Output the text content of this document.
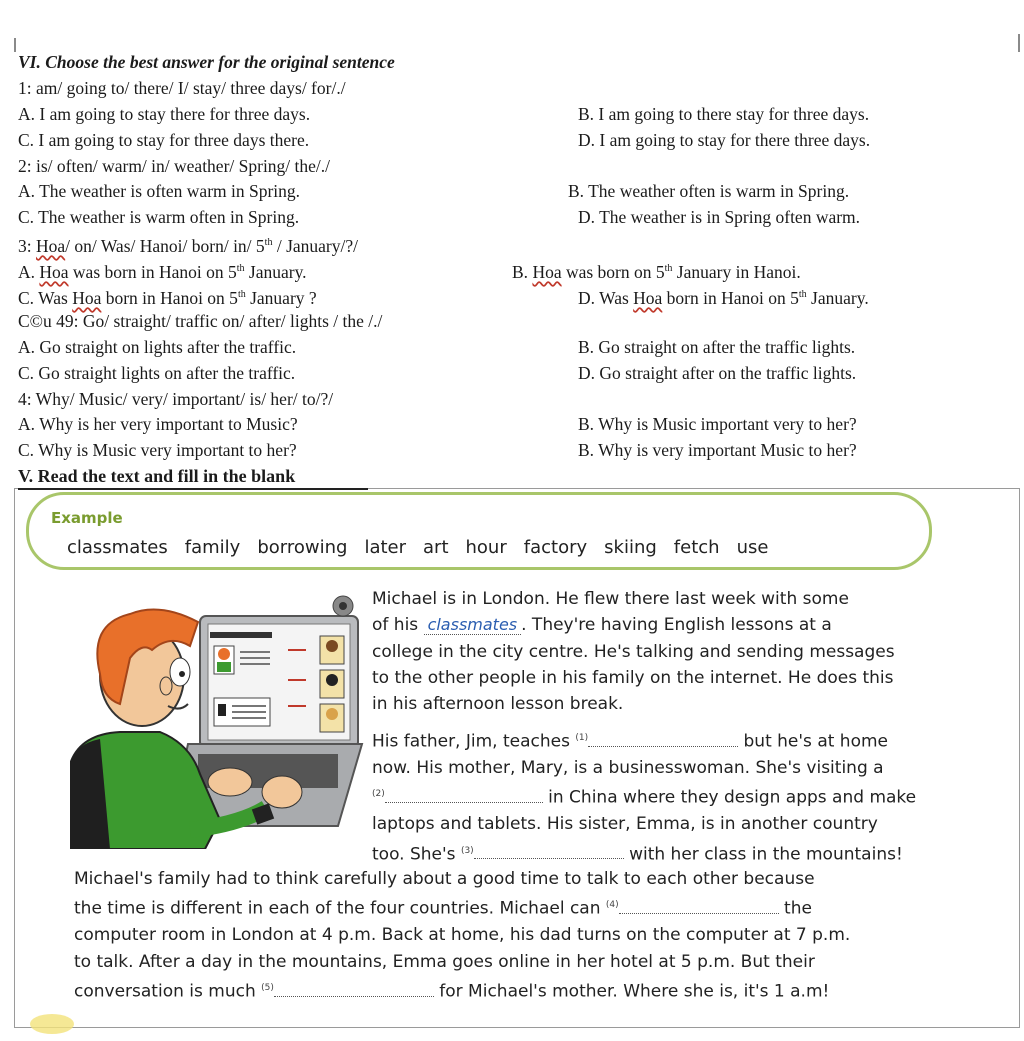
VI. Choose the best answer for the original sentence
1: am/ going to/ there/ I/ stay/ three days/ for/./
A. I am going to stay there for three days.	B. I am going to there stay for three days.
C. I am going to stay for three days there.	D. I am going to stay for there three days.
2: is/ often/ warm/ in/ weather/ Spring/ the/./
A. The weather is often warm in Spring.	B. The weather often is warm in Spring.
C. The weather is warm often in Spring.	D. The weather is in Spring often warm.
3: Hoa/ on/ Was/ Hanoi/ born/ in/ 5th / January/?/
A. Hoa was born in Hanoi on 5th January.	B. Hoa was born on 5th January in Hanoi.
C. Was Hoa born in Hanoi on 5th January ?	D. Was Hoa born in Hanoi on 5th January.
C©u 49: Go/ straight/ traffic on/ after/ lights / the /./
A. Go straight on lights after the traffic.	B. Go straight on after the traffic lights.
C. Go straight lights on after the traffic.	D. Go straight after on the traffic lights.
4: Why/ Music/ very/ important/ is/ her/ to/?/
A. Why is her very important to Music?	B. Why is Music important very to her?
C. Why is Music very important to her?	B. Why is very important Music to her?
V. Read the text and fill in the blank
Example
classmates family borrowing later art hour factory skiing fetch use
Michael is in London. He flew there last week with some
of his classmates . They're having English lessons at a
college in the city centre. He's talking and sending messages
to the other people in his family on the internet. He does this
in his afternoon lesson break.
His father, Jim, teaches $^{(1)}$	but he's at home
now. His mother, Mary, is a businesswoman. She's visiting a
$^{(2)}$	in China where they design apps and make
laptops and tablets. His sister, Emma, is in another country
too. She's $^{(3)}$	with her class in the mountains!
Michael's family had to think carefully about a good time to talk to each other because
the time is different in each of the four countries. Michael can $^{(4)}$	the
computer room in London at 4 p.m. Back at home, his dad turns on the computer at 7 p.m.
to talk. After a day in the mountains, Emma goes online in her hotel at 5 p.m. But their
conversation is much $^{(5)}$	for Michael's mother. Where she is, it's 1 a.m!
